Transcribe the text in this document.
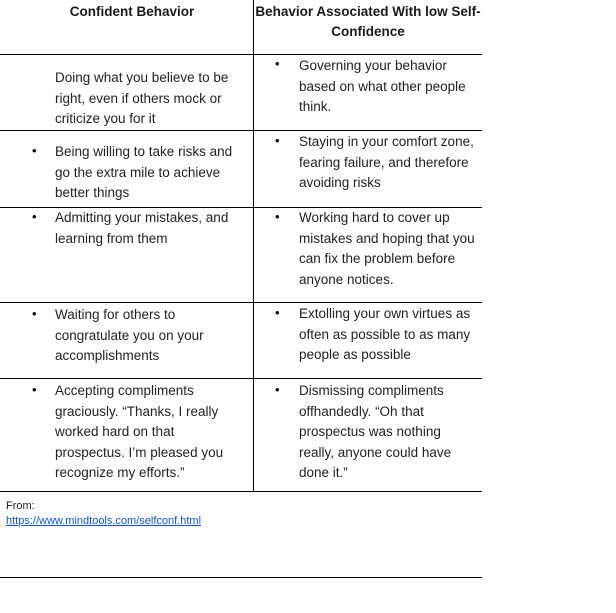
Confident Behavior	Behavior Associated With low Self-Confidence
Doing what you believe to be right, even if others mock or criticize you for it
• Governing your behavior based on what other people think.
• Being willing to take risks and go the extra mile to achieve better things
• Staying in your comfort zone, fearing failure, and therefore avoiding risks
• Admitting your mistakes, and learning from them
• Working hard to cover up mistakes and hoping that you can fix the problem before anyone notices.
• Waiting for others to congratulate you on your accomplishments
• Extolling your own virtues as often as possible to as many people as possible
• Accepting compliments graciously. “Thanks, I really worked hard on that prospectus. I’m pleased you recognize my efforts.”
• Dismissing compliments offhandedly. “Oh that prospectus was nothing really, anyone could have done it.”
From:
https://www.mindtools.com/selfconf.html
